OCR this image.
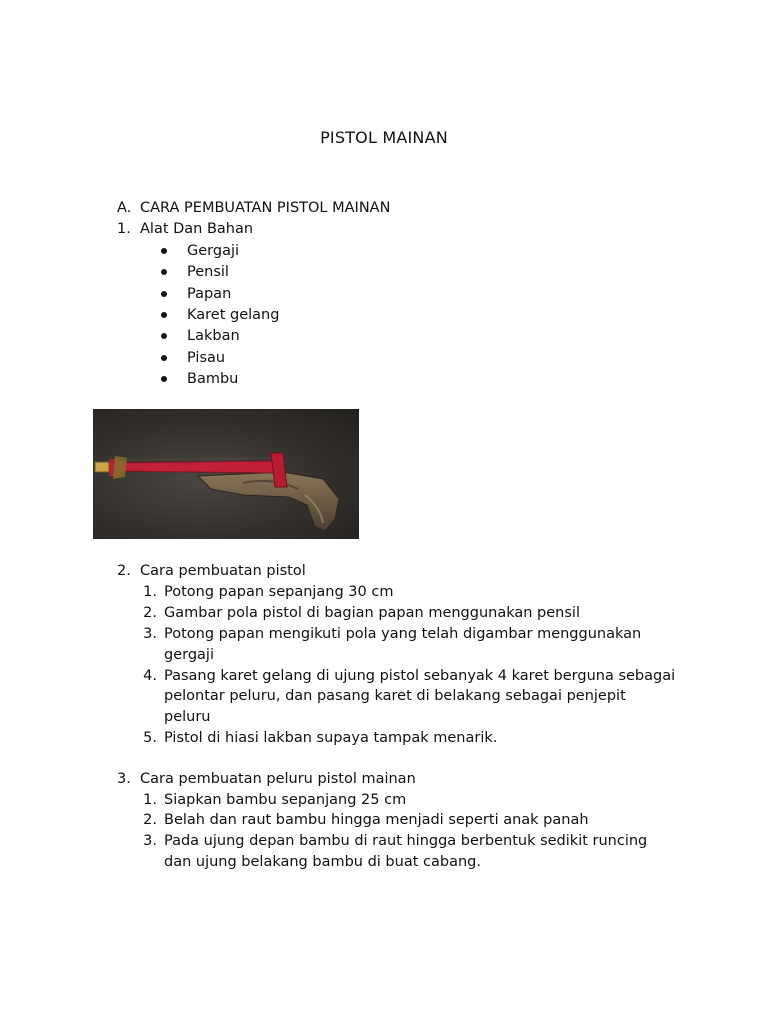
PISTOL MAINAN
A. CARA PEMBUATAN PISTOL MAINAN
1. Alat Dan Bahan
Gergaji
Pensil
Papan
Karet gelang
Lakban
Pisau
Bambu
2. Cara pembuatan pistol
1. Potong papan sepanjang 30 cm
2. Gambar pola pistol di bagian papan menggunakan pensil
3. Potong papan mengikuti pola yang telah digambar menggunakan
gergaji
4. Pasang karet gelang di ujung pistol sebanyak 4 karet berguna sebagai
pelontar peluru, dan pasang karet di belakang sebagai penjepit
peluru
5. Pistol di hiasi lakban supaya tampak menarik.
3. Cara pembuatan peluru pistol mainan
1. Siapkan bambu sepanjang 25 cm
2. Belah dan raut bambu hingga menjadi seperti anak panah
3. Pada ujung depan bambu di raut hingga berbentuk sedikit runcing
dan ujung belakang bambu di buat cabang.
